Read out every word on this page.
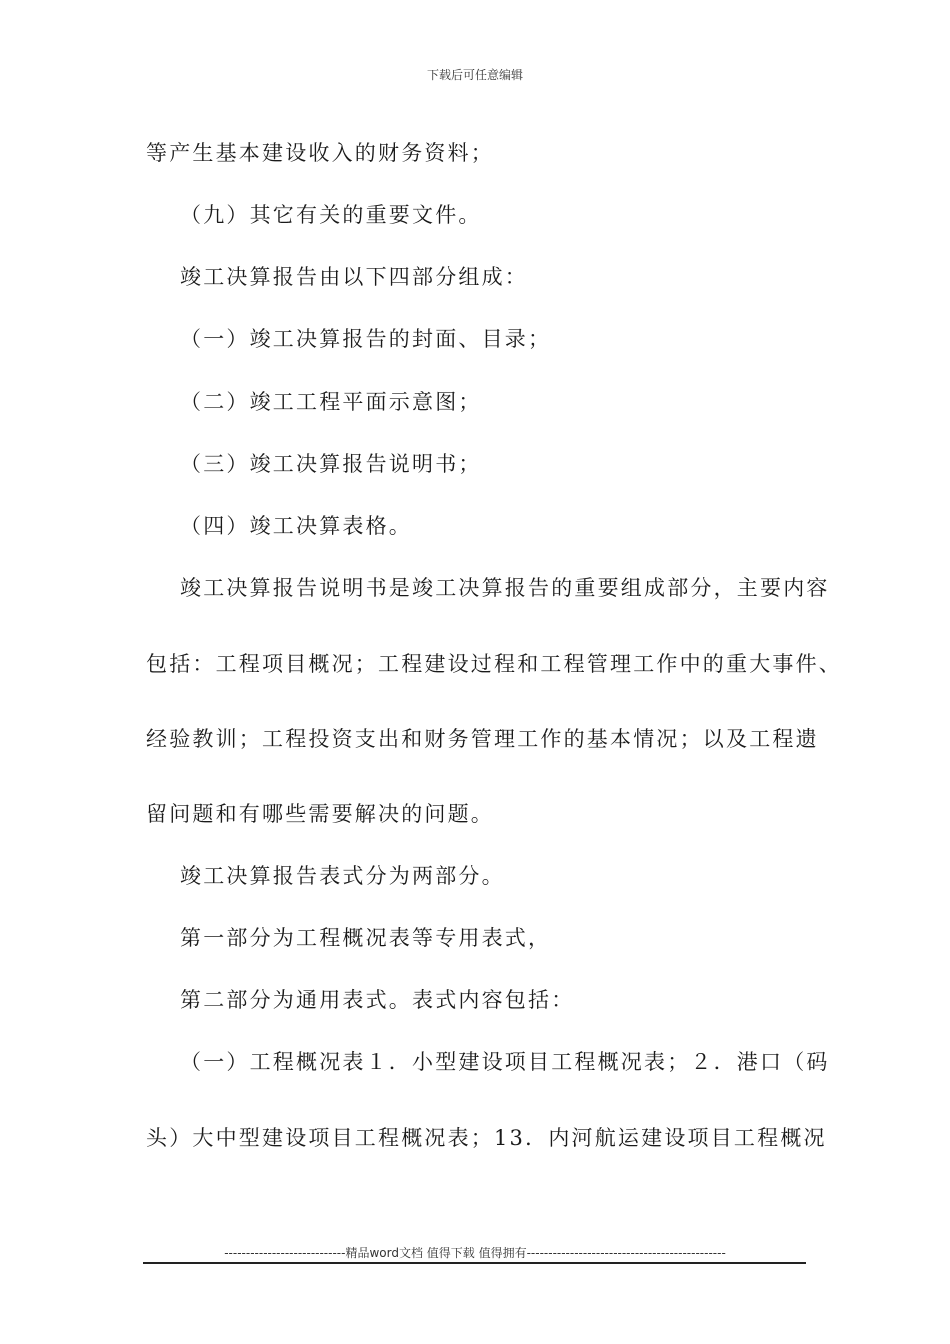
下载后可任意编辑
等产生基本建设收入的财务资料；
（九）其它有关的重要文件。
竣工决算报告由以下四部分组成：
（一）竣工决算报告的封面、目录；
（二）竣工工程平面示意图；
（三）竣工决算报告说明书；
（四）竣工决算表格。
竣工决算报告说明书是竣工决算报告的重要组成部分，主要内容
包括：工程项目概况；工程建设过程和工程管理工作中的重大事件、
经验教训；工程投资支出和财务管理工作的基本情况；以及工程遗
留问题和有哪些需要解决的问题。
竣工决算报告表式分为两部分。
第一部分为工程概况表等专用表式，
第二部分为通用表式。表式内容包括：
（一）工程概况表１．小型建设项目工程概况表；２．港口（码
头）大中型建设项目工程概况表；13．内河航运建设项目工程概况
----------------------------精品word文档 值得下载 值得拥有----------------------------------------------
